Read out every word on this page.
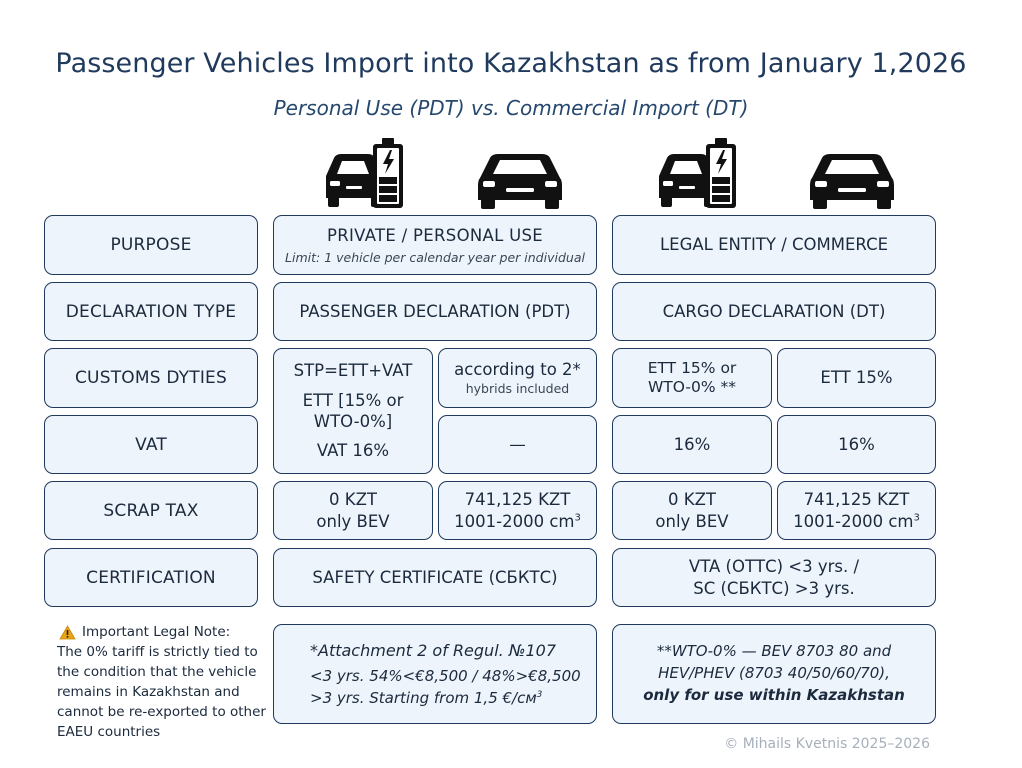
Passenger Vehicles Import into Kazakhstan as from January 1,2026
Personal Use (PDT) vs. Commercial Import (DT)
PURPOSE
DECLARATION TYPE
CUSTOMS DYTIES
VAT
SCRAP TAX
CERTIFICATION
PRIVATE / PERSONAL USE
Limit: 1 vehicle per calendar year per individual
PASSENGER DECLARATION (PDT)
STP=ETT+VAT
ETT [15% or WTO-0%]
VAT 16%
according to 2*
hybrids included
—
0 KZT
only BEV
741,125 KZT
1001-2000 $cm^3$
SAFETY CERTIFICATE (СБКТС)
LEGAL ENTITY / COMMERCE
CARGO DECLARATION (DT)
ETT 15% or WTO-0% **	ETT 15%
16%	16%
0 KZT
only BEV
741,125 KZT
1001-2000 $cm^3$
VTA (ОТТС) <3 yrs. /
SC (СБКТС) >3 yrs.
*Attachment 2 of Regul. №107
<3 yrs. 54%<€8,500 / 48%>€8,500
>3 yrs. Starting from 1,5 $€/см^3$
**WTO-0% — BEV 8703 80 and
HEV/PHEV (8703 40/50/60/70),
only for use within Kazakhstan
Important Legal Note:
The 0% tariff is strictly tied to the condition that the vehicle remains in Kazakhstan and cannot be re-exported to other EAEU countries
© Mihails Kvetnis 2025–2026
